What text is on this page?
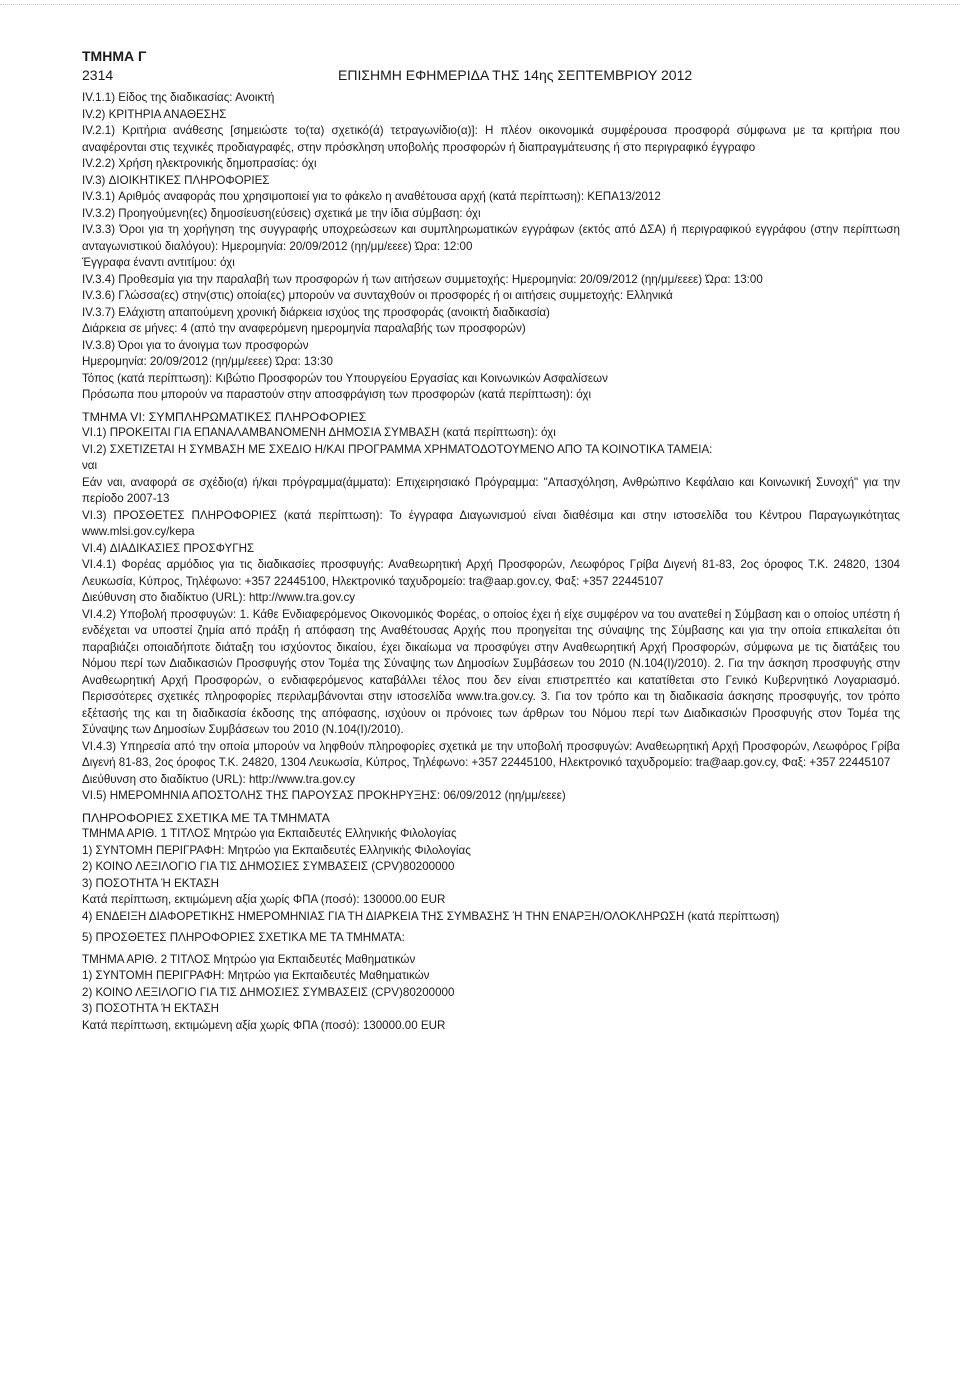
ΤΜΗΜΑ Γ

2314	ΕΠΙΣΗΜΗ ΕΦΗΜΕΡΙΔΑ ΤΗΣ 14ης ΣΕΠΤΕΜΒΡΙΟΥ 2012

IV.1.1) Είδος της διαδικασίας: Ανοικτή

IV.2) ΚΡΙΤΗΡΙΑ ΑΝΑΘΕΣΗΣ

IV.2.1) Κριτήρια ανάθεσης [σημειώστε το(τα) σχετικό(ά) τετραγωνίδιο(α)]: Η πλέον οικονομικά συμφέρουσα προσφορά σύμφωνα με τα κριτήρια που αναφέρονται στις τεχνικές προδιαγραφές, στην πρόσκληση υποβολής προσφορών ή διαπραγμάτευσης ή στο περιγραφικό έγγραφο

IV.2.2) Χρήση ηλεκτρονικής δημοπρασίας: όχι

IV.3) ΔΙΟΙΚΗΤΙΚΕΣ ΠΛΗΡΟΦΟΡΙΕΣ

IV.3.1) Αριθμός αναφοράς που χρησιμοποιεί για το φάκελο η αναθέτουσα αρχή (κατά περίπτωση): ΚΕΠΑ13/2012

IV.3.2) Προηγούμενη(ες) δημοσίευση(εύσεις) σχετικά με την ίδια σύμβαση: όχι

IV.3.3) Όροι για τη χορήγηση της συγγραφής υποχρεώσεων και συμπληρωματικών εγγράφων (εκτός από ΔΣΑ) ή περιγραφικού εγγράφου (στην περίπτωση ανταγωνιστικού διαλόγου): Ημερομηνία: 20/09/2012 (ηη/μμ/εεεε) Ώρα: 12:00

Έγγραφα έναντι αντιτίμου: όχι

IV.3.4) Προθεσμία για την παραλαβή των προσφορών ή των αιτήσεων συμμετοχής: Ημερομηνία: 20/09/2012 (ηη/μμ/εεεε) Ώρα: 13:00

IV.3.6) Γλώσσα(ες) στην(στις) οποία(ες) μπορούν να συνταχθούν οι προσφορές ή οι αιτήσεις συμμετοχής: Ελληνικά

IV.3.7) Ελάχιστη απαιτούμενη χρονική διάρκεια ισχύος της προσφοράς (ανοικτή διαδικασία)

Διάρκεια σε μήνες: 4 (από την αναφερόμενη ημερομηνία παραλαβής των προσφορών)

IV.3.8) Όροι για το άνοιγμα των προσφορών

Ημερομηνία: 20/09/2012 (ηη/μμ/εεεε) Ώρα: 13:30

Τόπος (κατά περίπτωση): Κιβώτιο Προσφορών του Υπουργείου Εργασίας και Κοινωνικών Ασφαλίσεων

Πρόσωπα που μπορούν να παραστούν στην αποσφράγιση των προσφορών (κατά περίπτωση): όχι

ΤΜΗΜΑ VI: ΣΥΜΠΛΗΡΩΜΑΤΙΚΕΣ ΠΛΗΡΟΦΟΡΙΕΣ

VI.1) ΠΡΟΚΕΙΤΑΙ ΓΙΑ ΕΠΑΝΑΛΑΜΒΑΝΟΜΕΝΗ ΔΗΜΟΣΙΑ ΣΥΜΒΑΣΗ (κατά περίπτωση): όχι

VI.2) ΣΧΕΤΙΖΕΤΑΙ Η ΣΥΜΒΑΣΗ ΜΕ ΣΧΕΔΙΟ Η/ΚΑΙ ΠΡΟΓΡΑΜΜΑ ΧΡΗΜΑΤΟΔΟΤΟΥΜΕΝΟ ΑΠΟ ΤΑ ΚΟΙΝΟΤΙΚΑ ΤΑΜΕΙΑ:

ναι

Εάν ναι, αναφορά σε σχέδιο(α) ή/και πρόγραμμα(άμματα): Επιχειρησιακό Πρόγραμμα: "Απασχόληση, Ανθρώπινο Κεφάλαιο και Κοινωνική Συνοχή" για την περίοδο 2007-13

VI.3) ΠΡΟΣΘΕΤΕΣ ΠΛΗΡΟΦΟΡΙΕΣ (κατά περίπτωση): Το έγγραφα Διαγωνισμού είναι διαθέσιμα και στην ιστοσελίδα του Κέντρου Παραγωγικότητας www.mlsi.gov.cy/kepa

VI.4) ΔΙΑΔΙΚΑΣΙΕΣ ΠΡΟΣΦΥΓΗΣ

VI.4.1) Φορέας αρμόδιος για τις διαδικασίες προσφυγής: Αναθεωρητική Αρχή Προσφορών, Λεωφόρος Γρίβα Διγενή 81-83, 2ος όροφος Τ.Κ. 24820, 1304 Λευκωσία, Κύπρος, Τηλέφωνο: +357 22445100, Ηλεκτρονικό ταχυδρομείο: tra@aap.gov.cy, Φαξ: +357 22445107

Διεύθυνση στο διαδίκτυο (URL): http://www.tra.gov.cy

VI.4.2) Υποβολή προσφυγών: 1. Κάθε Ενδιαφερόμενος Οικονομικός Φορέας, ο οποίος έχει ή είχε συμφέρον να του ανατεθεί η Σύμβαση και ο οποίος υπέστη ή ενδέχεται να υποστεί ζημία από πράξη ή απόφαση της Αναθέτουσας Αρχής που προηγείται της σύναψης της Σύμβασης και για την οποία επικαλείται ότι παραβιάζει οποιαδήποτε διάταξη του ισχύοντος δικαίου, έχει δικαίωμα να προσφύγει στην Αναθεωρητική Αρχή Προσφορών, σύμφωνα με τις διατάξεις του Νόμου περί των Διαδικασιών Προσφυγής στον Τομέα της Σύναψης των Δημοσίων Συμβάσεων του 2010 (Ν.104(Ι)/2010). 2. Για την άσκηση προσφυγής στην Αναθεωρητική Αρχή Προσφορών, ο ενδιαφερόμενος καταβάλλει τέλος που δεν είναι επιστρεπτέο και κατατίθεται στο Γενικό Κυβερνητικό Λογαριασμό. Περισσότερες σχετικές πληροφορίες περιλαμβάνονται στην ιστοσελίδα www.tra.gov.cy. 3. Για τον τρόπο και τη διαδικασία άσκησης προσφυγής, τον τρόπο εξέτασής της και τη διαδικασία έκδοσης της απόφασης, ισχύουν οι πρόνοιες των άρθρων του Νόμου περί των Διαδικασιών Προσφυγής στον Τομέα της Σύναψης των Δημοσίων Συμβάσεων του 2010 (Ν.104(Ι)/2010).

VI.4.3) Υπηρεσία από την οποία μπορούν να ληφθούν πληροφορίες σχετικά με την υποβολή προσφυγών: Αναθεωρητική Αρχή Προσφορών, Λεωφόρος Γρίβα Διγενή 81-83, 2ος όροφος Τ.Κ. 24820, 1304 Λευκωσία, Κύπρος, Τηλέφωνο: +357 22445100, Ηλεκτρονικό ταχυδρομείο: tra@aap.gov.cy, Φαξ: +357 22445107

Διεύθυνση στο διαδίκτυο (URL): http://www.tra.gov.cy

VI.5) ΗΜΕΡΟΜΗΝΙΑ ΑΠΟΣΤΟΛΗΣ ΤΗΣ ΠΑΡΟΥΣΑΣ ΠΡΟΚΗΡΥΞΗΣ: 06/09/2012 (ηη/μμ/εεεε)

ΠΛΗΡΟΦΟΡΙΕΣ ΣΧΕΤΙΚΑ ΜΕ ΤΑ ΤΜΗΜΑΤΑ

ΤΜΗΜΑ ΑΡΙΘ. 1 ΤΙΤΛΟΣ Μητρώο για Εκπαιδευτές Ελληνικής Φιλολογίας

1) ΣΥΝΤΟΜΗ ΠΕΡΙΓΡΑΦΗ: Μητρώο για Εκπαιδευτές Ελληνικής Φιλολογίας

2) ΚΟΙΝΟ ΛΕΞΙΛΟΓΙΟ ΓΙΑ ΤΙΣ ΔΗΜΟΣΙΕΣ ΣΥΜΒΑΣΕΙΣ (CPV)80200000

3) ΠΟΣΟΤΗΤΑ Ή ΕΚΤΑΣΗ

Κατά περίπτωση, εκτιμώμενη αξία χωρίς ΦΠΑ (ποσό): 130000.00 EUR

4) ΕΝΔΕΙΞΗ ΔΙΑΦΟΡΕΤΙΚΗΣ ΗΜΕΡΟΜΗΝΙΑΣ ΓΙΑ ΤΗ ΔΙΑΡΚΕΙΑ ΤΗΣ ΣΥΜΒΑΣΗΣ Ή ΤΗΝ ΕΝΑΡΞΗ/ΟΛΟΚΛΗΡΩΣΗ (κατά περίπτωση)

5) ΠΡΟΣΘΕΤΕΣ ΠΛΗΡΟΦΟΡΙΕΣ ΣΧΕΤΙΚΑ ΜΕ ΤΑ ΤΜΗΜΑΤΑ:

ΤΜΗΜΑ ΑΡΙΘ. 2 ΤΙΤΛΟΣ Μητρώο για Εκπαιδευτές Μαθηματικών

1) ΣΥΝΤΟΜΗ ΠΕΡΙΓΡΑΦΗ: Μητρώο για Εκπαιδευτές Μαθηματικών

2) ΚΟΙΝΟ ΛΕΞΙΛΟΓΙΟ ΓΙΑ ΤΙΣ ΔΗΜΟΣΙΕΣ ΣΥΜΒΑΣΕΙΣ (CPV)80200000

3) ΠΟΣΟΤΗΤΑ Ή ΕΚΤΑΣΗ

Κατά περίπτωση, εκτιμώμενη αξία χωρίς ΦΠΑ (ποσό): 130000.00 EUR
